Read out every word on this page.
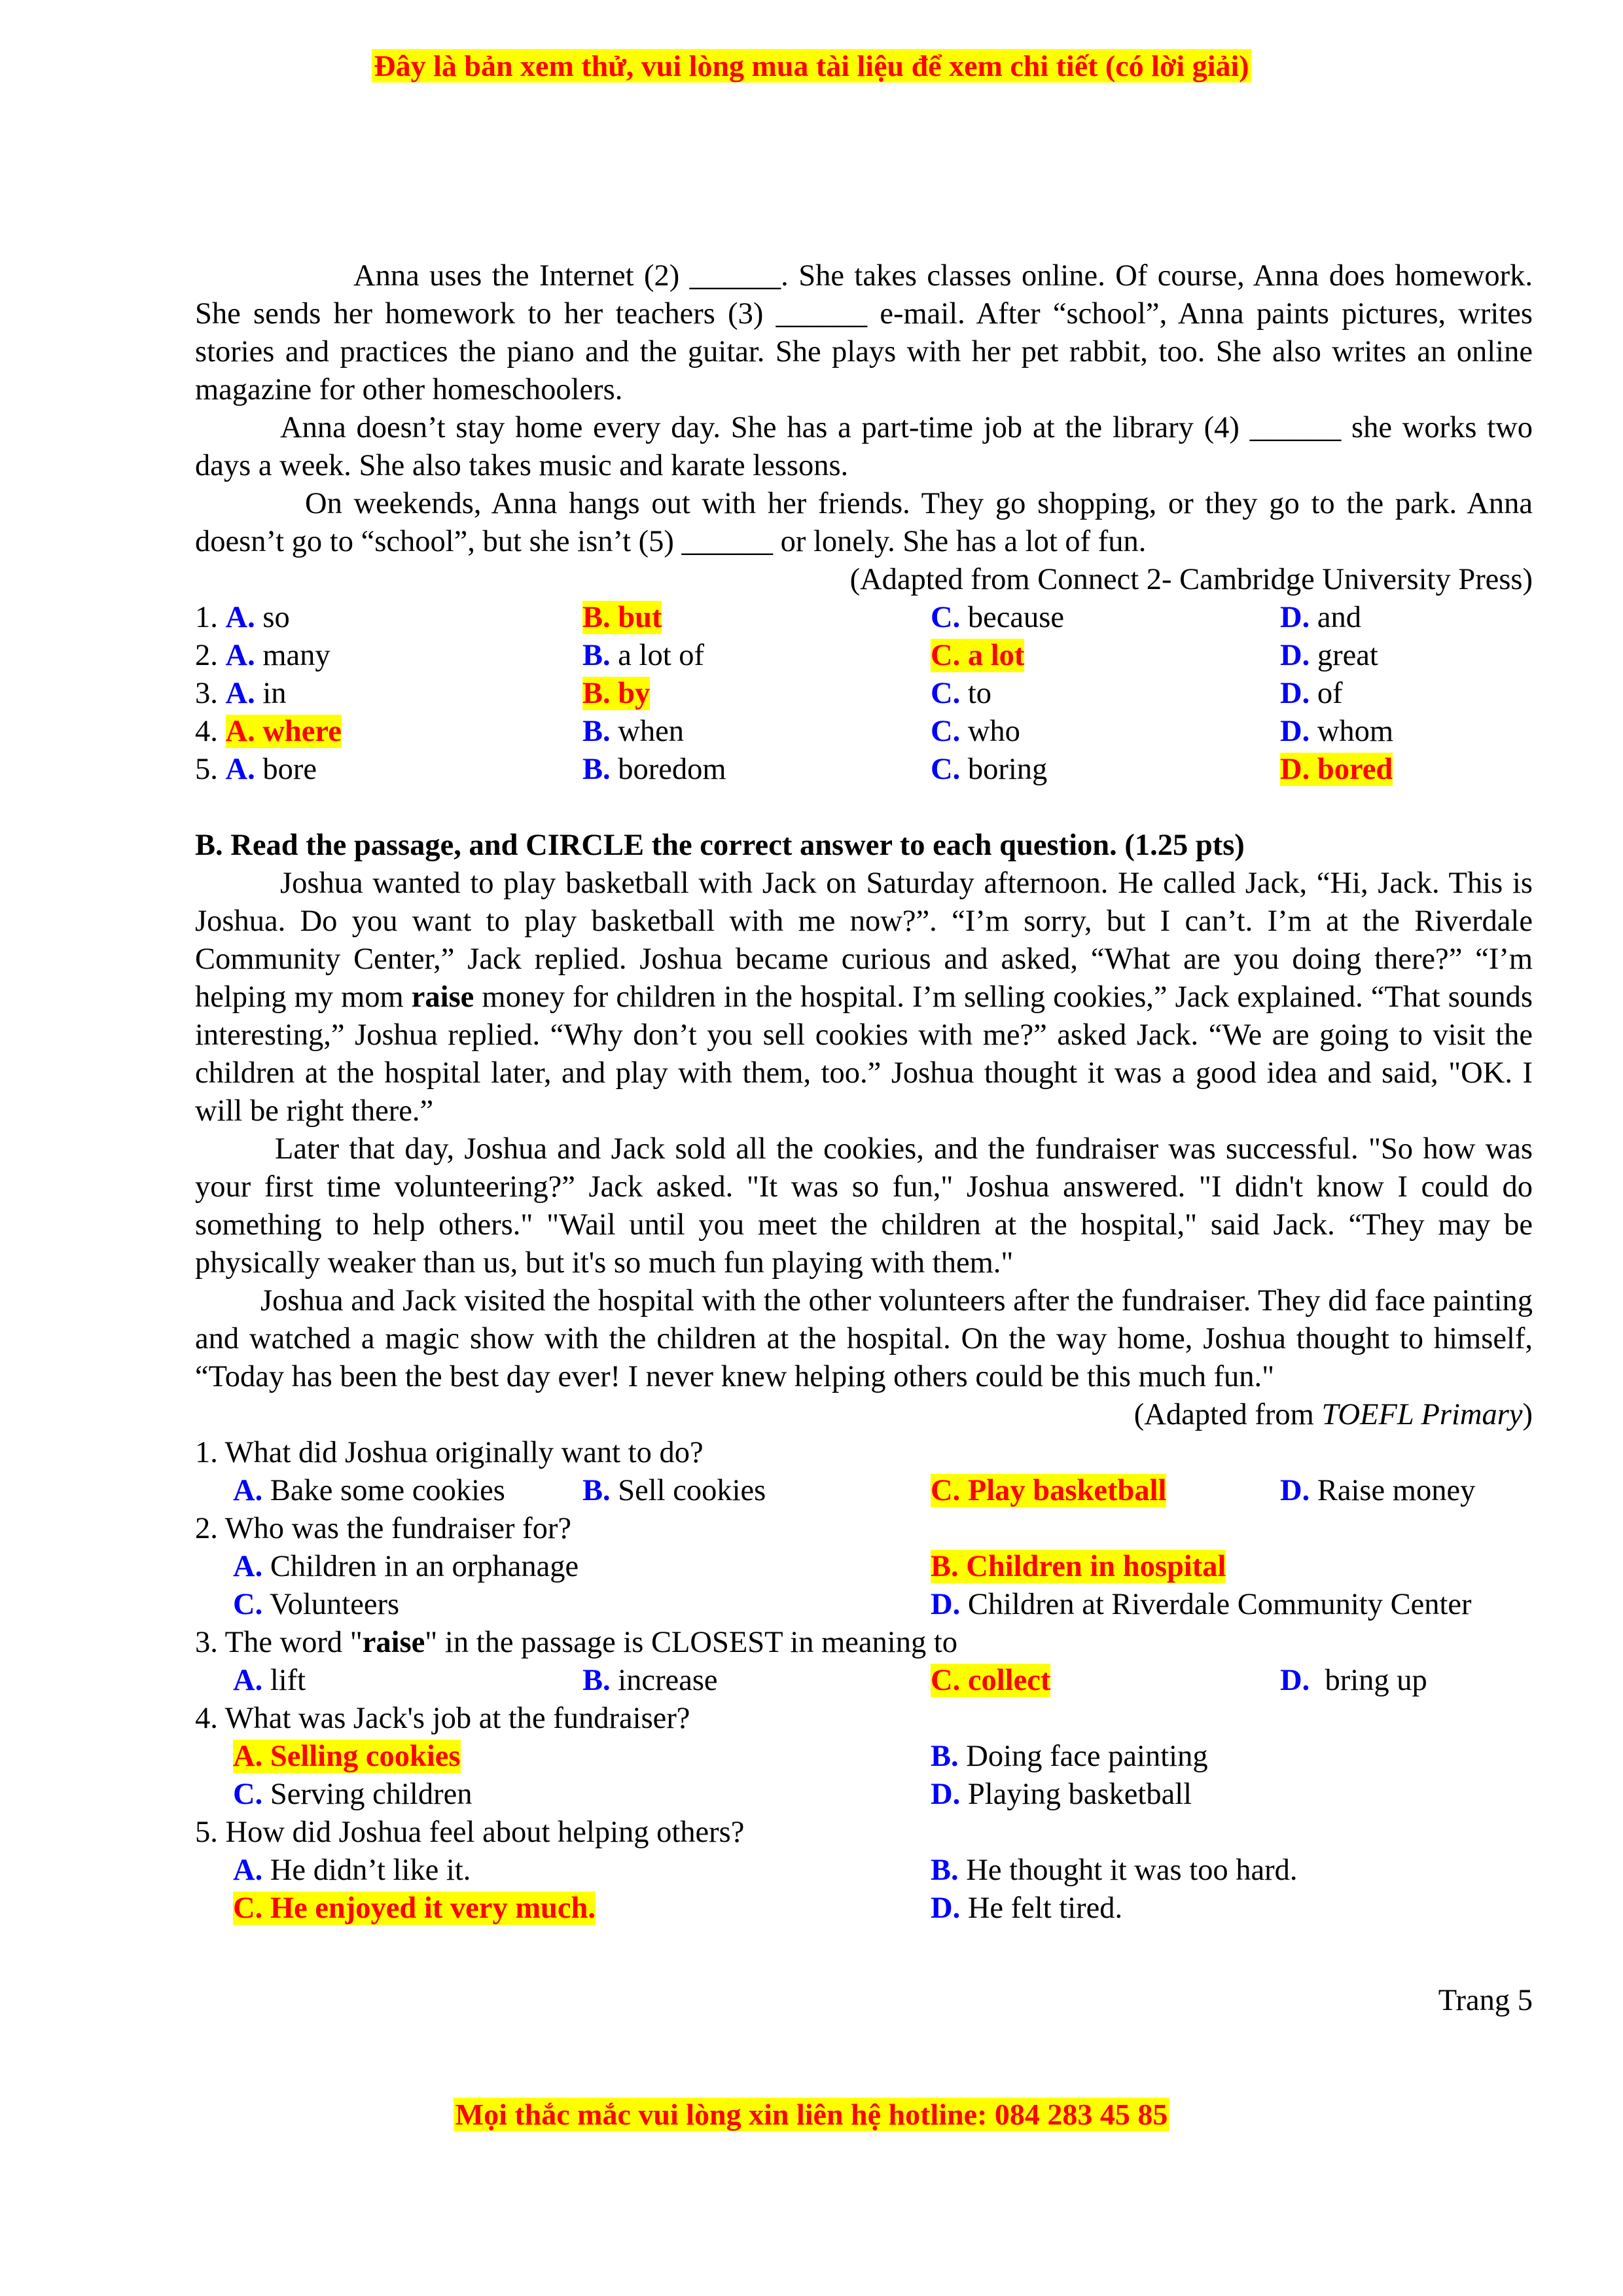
Đây là bản xem thử, vui lòng mua tài liệu để xem chi tiết (có lời giải)

Anna uses the Internet (2) ______. She takes classes online. Of course, Anna does homework. She sends her homework to her teachers (3) ______ e-mail. After “school”, Anna paints pictures, writes stories and practices the piano and the guitar. She plays with her pet rabbit, too. She also writes an online magazine for other homeschoolers.

Anna doesn’t stay home every day. She has a part-time job at the library (4) ______ she works two days a week. She also takes music and karate lessons.

On weekends, Anna hangs out with her friends. They go shopping, or they go to the park. Anna doesn’t go to “school”, but she isn’t (5) ______ or lonely. She has a lot of fun.

(Adapted from Connect 2- Cambridge University Press)

1. A. so	B. but	C. because	D. and
2. A. many	B. a lot of	C. a lot	D. great
3. A. in	B. by	C. to	D. of
4. A. where	B. when	C. who	D. whom
5. A. bore	B. boredom	C. boring	D. bored

B. Read the passage, and CIRCLE the correct answer to each question. (1.25 pts)

Joshua wanted to play basketball with Jack on Saturday afternoon. He called Jack, “Hi, Jack. This is Joshua. Do you want to play basketball with me now?”. “I’m sorry, but I can’t. I’m at the Riverdale Community Center,” Jack replied. Joshua became curious and asked, “What are you doing there?” “I’m helping my mom raise money for children in the hospital. I’m selling cookies,” Jack explained. “That sounds interesting,” Joshua replied. “Why don’t you sell cookies with me?” asked Jack. “We are going to visit the children at the hospital later, and play with them, too.” Joshua thought it was a good idea and said, "OK. I will be right there.”

Later that day, Joshua and Jack sold all the cookies, and the fundraiser was successful. "So how was your first time volunteering?” Jack asked. "It was so fun," Joshua answered. "I didn't know I could do something to help others." "Wail until you meet the children at the hospital," said Jack. “They may be physically weaker than us, but it's so much fun playing with them."

Joshua and Jack visited the hospital with the other volunteers after the fundraiser. They did face painting and watched a magic show with the children at the hospital. On the way home, Joshua thought to himself, “Today has been the best day ever! I never knew helping others could be this much fun."

(Adapted from TOEFL Primary)

1. What did Joshua originally want to do?

A. Bake some cookies	B. Sell cookies	C. Play basketball	D. Raise money

2. Who was the fundraiser for?

A. Children in an orphanage	B. Children in hospital
C. Volunteers	D. Children at Riverdale Community Center

3. The word "raise" in the passage is CLOSEST in meaning to

A. lift	B. increase	C. collect	D. bring up

4. What was Jack's job at the fundraiser?

A. Selling cookies	B. Doing face painting
C. Serving children	D. Playing basketball

5. How did Joshua feel about helping others?

A. He didn’t like it.	B. He thought it was too hard.
C. He enjoyed it very much.	D. He felt tired.
Trang 5
Mọi thắc mắc vui lòng xin liên hệ hotline: 084 283 45 85
